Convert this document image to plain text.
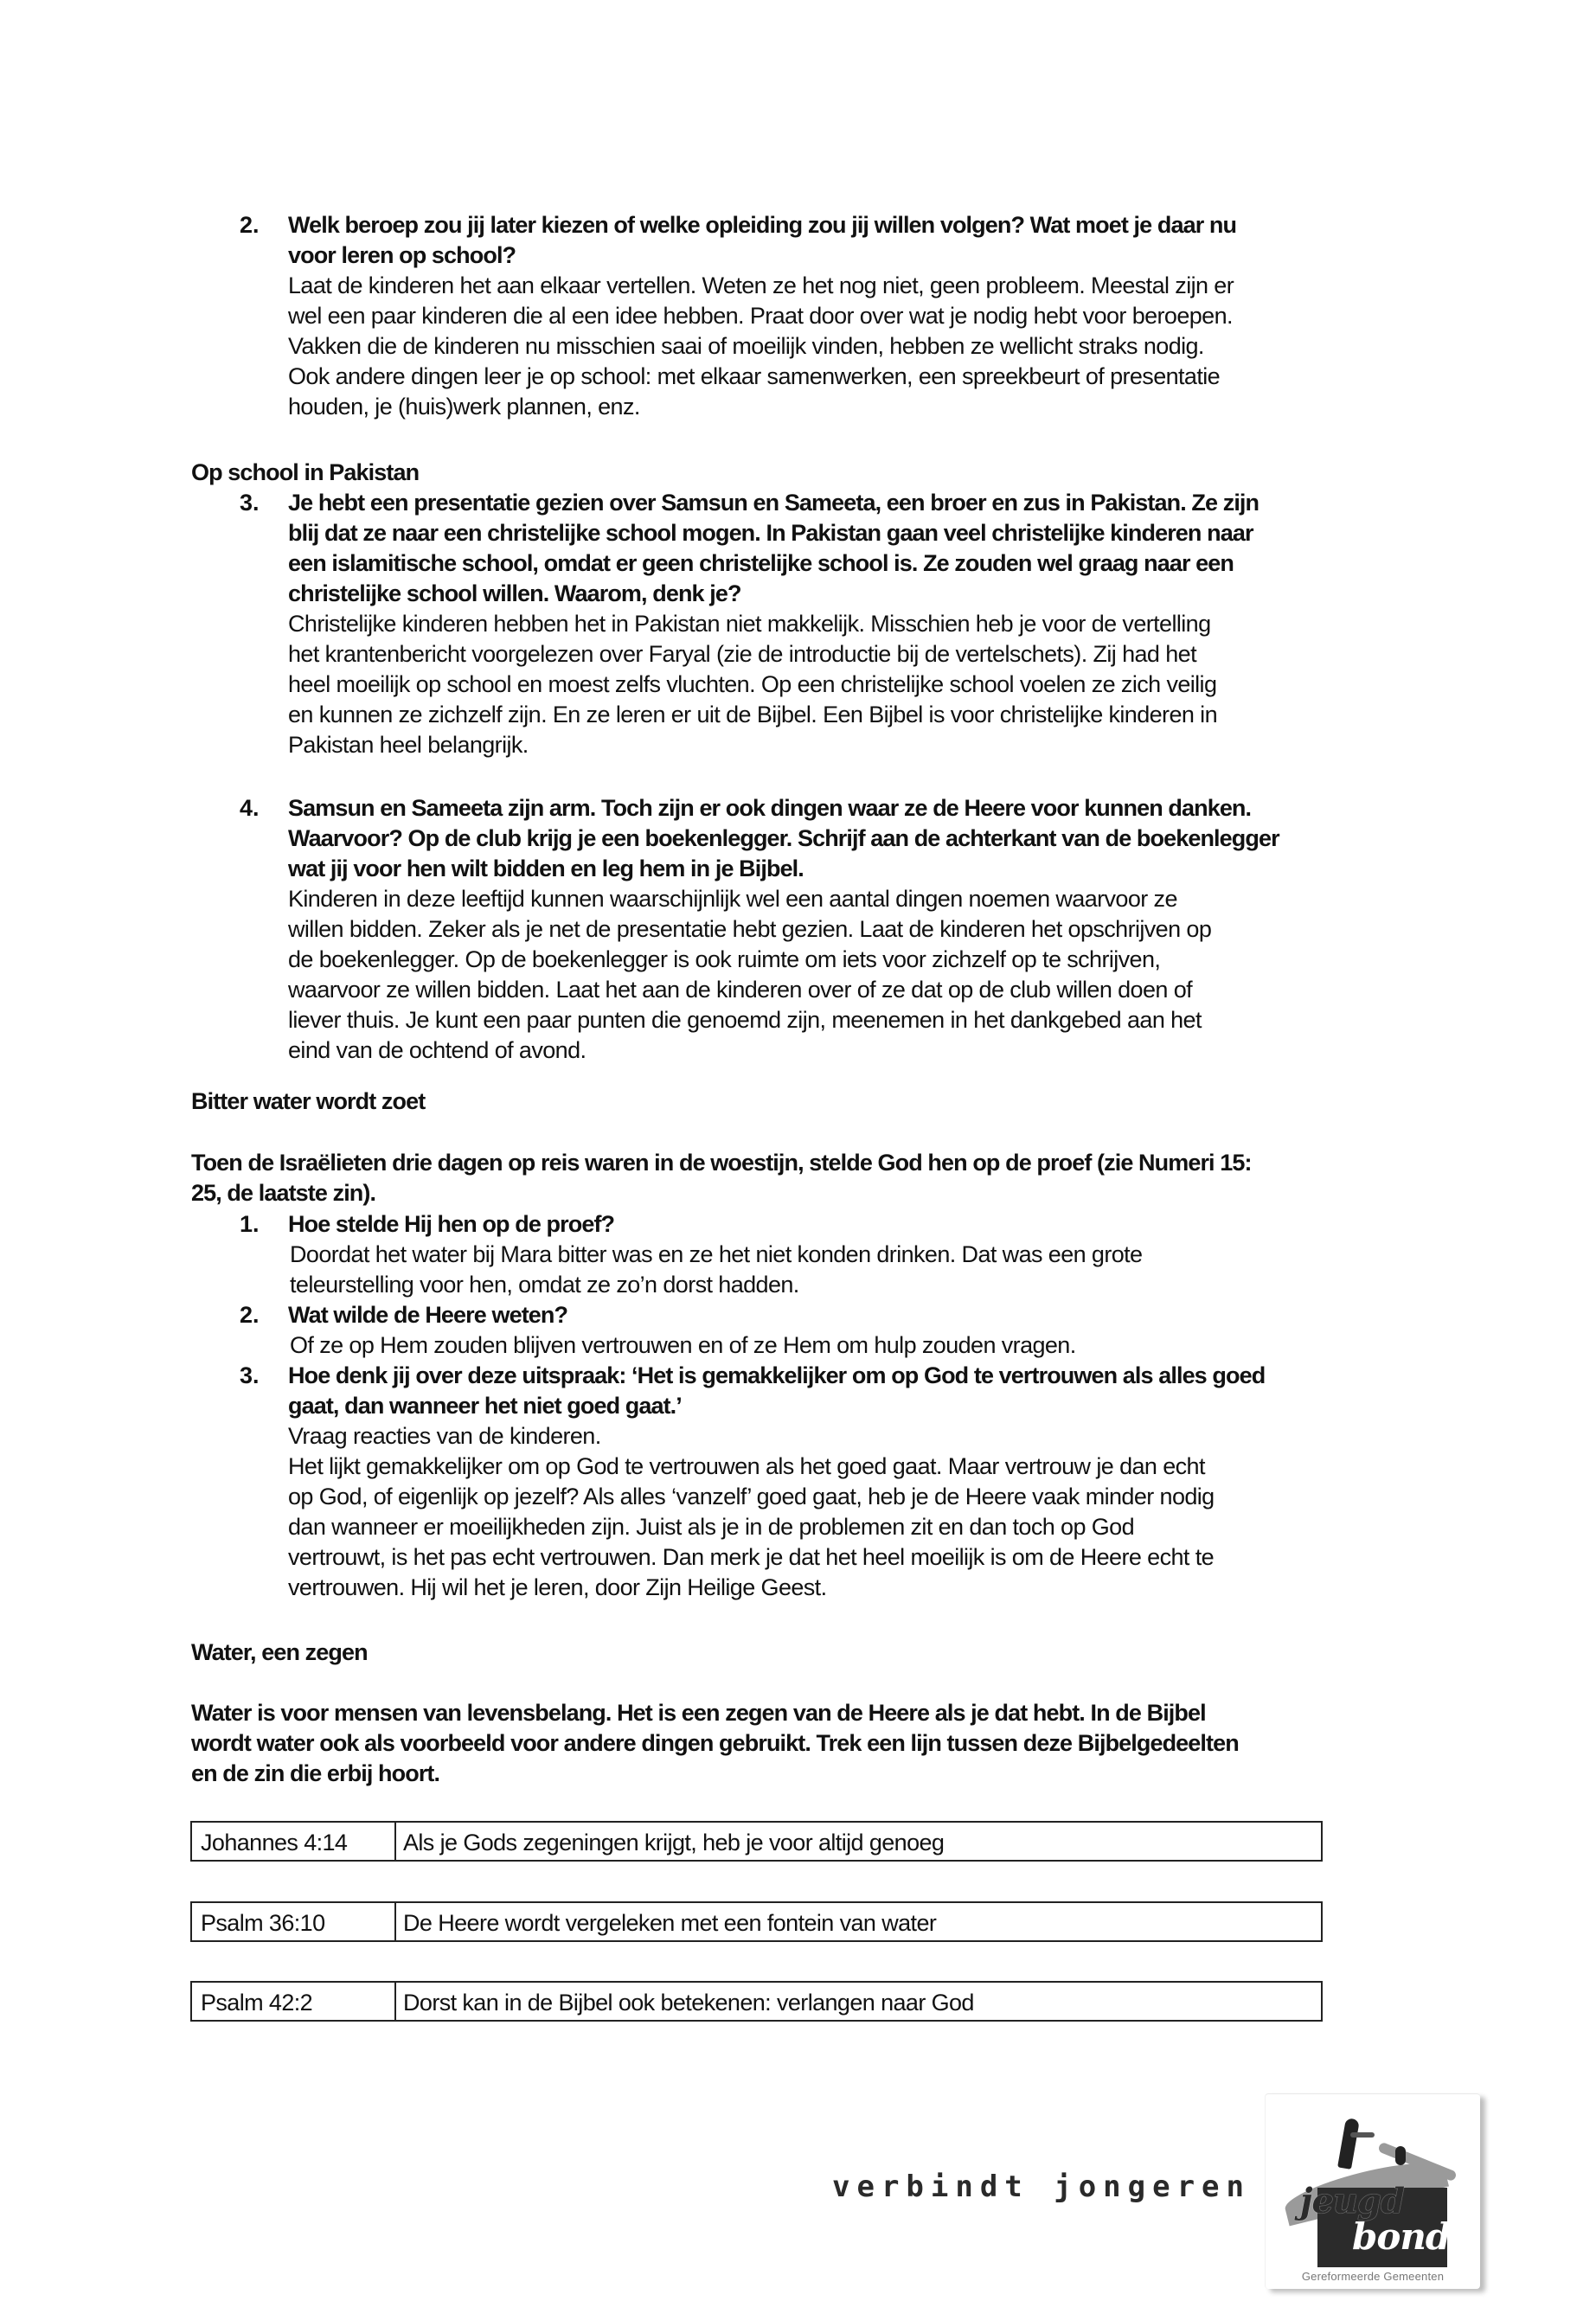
2. Welk beroep zou jij later kiezen of welke opleiding zou jij willen volgen? Wat moet je daar nu
voor leren op school?
Laat de kinderen het aan elkaar vertellen. Weten ze het nog niet, geen probleem. Meestal zijn er
wel een paar kinderen die al een idee hebben. Praat door over wat je nodig hebt voor beroepen.
Vakken die de kinderen nu misschien saai of moeilijk vinden, hebben ze wellicht straks nodig.
Ook andere dingen leer je op school: met elkaar samenwerken, een spreekbeurt of presentatie
houden, je (huis)werk plannen, enz.
Op school in Pakistan
3. Je hebt een presentatie gezien over Samsun en Sameeta, een broer en zus in Pakistan. Ze zijn
blij dat ze naar een christelijke school mogen. In Pakistan gaan veel christelijke kinderen naar
een islamitische school, omdat er geen christelijke school is. Ze zouden wel graag naar een
christelijke school willen. Waarom, denk je?
Christelijke kinderen hebben het in Pakistan niet makkelijk. Misschien heb je voor de vertelling
het krantenbericht voorgelezen over Faryal (zie de introductie bij de vertelschets). Zij had het
heel moeilijk op school en moest zelfs vluchten. Op een christelijke school voelen ze zich veilig
en kunnen ze zichzelf zijn. En ze leren er uit de Bijbel. Een Bijbel is voor christelijke kinderen in
Pakistan heel belangrijk.
4. Samsun en Sameeta zijn arm. Toch zijn er ook dingen waar ze de Heere voor kunnen danken.
Waarvoor? Op de club krijg je een boekenlegger. Schrijf aan de achterkant van de boekenlegger
wat jij voor hen wilt bidden en leg hem in je Bijbel.
Kinderen in deze leeftijd kunnen waarschijnlijk wel een aantal dingen noemen waarvoor ze
willen bidden. Zeker als je net de presentatie hebt gezien. Laat de kinderen het opschrijven op
de boekenlegger. Op de boekenlegger is ook ruimte om iets voor zichzelf op te schrijven,
waarvoor ze willen bidden. Laat het aan de kinderen over of ze dat op de club willen doen of
liever thuis. Je kunt een paar punten die genoemd zijn, meenemen in het dankgebed aan het
eind van de ochtend of avond.
Bitter water wordt zoet
Toen de Israëlieten drie dagen op reis waren in de woestijn, stelde God hen op de proef (zie Numeri 15:
25, de laatste zin).
1. Hoe stelde Hij hen op de proef?
Doordat het water bij Mara bitter was en ze het niet konden drinken. Dat was een grote
teleurstelling voor hen, omdat ze zo’n dorst hadden.
2. Wat wilde de Heere weten?
Of ze op Hem zouden blijven vertrouwen en of ze Hem om hulp zouden vragen.
3. Hoe denk jij over deze uitspraak: ‘Het is gemakkelijker om op God te vertrouwen als alles goed
gaat, dan wanneer het niet goed gaat.’
Vraag reacties van de kinderen.
Het lijkt gemakkelijker om op God te vertrouwen als het goed gaat. Maar vertrouw je dan echt
op God, of eigenlijk op jezelf? Als alles ‘vanzelf’ goed gaat, heb je de Heere vaak minder nodig
dan wanneer er moeilijkheden zijn. Juist als je in de problemen zit en dan toch op God
vertrouwt, is het pas echt vertrouwen. Dan merk je dat het heel moeilijk is om de Heere echt te
vertrouwen. Hij wil het je leren, door Zijn Heilige Geest.
Water, een zegen
Water is voor mensen van levensbelang. Het is een zegen van de Heere als je dat hebt. In de Bijbel
wordt water ook als voorbeeld voor andere dingen gebruikt. Trek een lijn tussen deze Bijbelgedeelten
en de zin die erbij hoort.
Johannes 4:14	Als je Gods zegeningen krijgt, heb je voor altijd genoeg
Psalm 36:10	De Heere wordt vergeleken met een fontein van water
Psalm 42:2	Dorst kan in de Bijbel ook betekenen: verlangen naar God
verbindt jongeren jeugd
bond
Gereformeerde Gemeenten
